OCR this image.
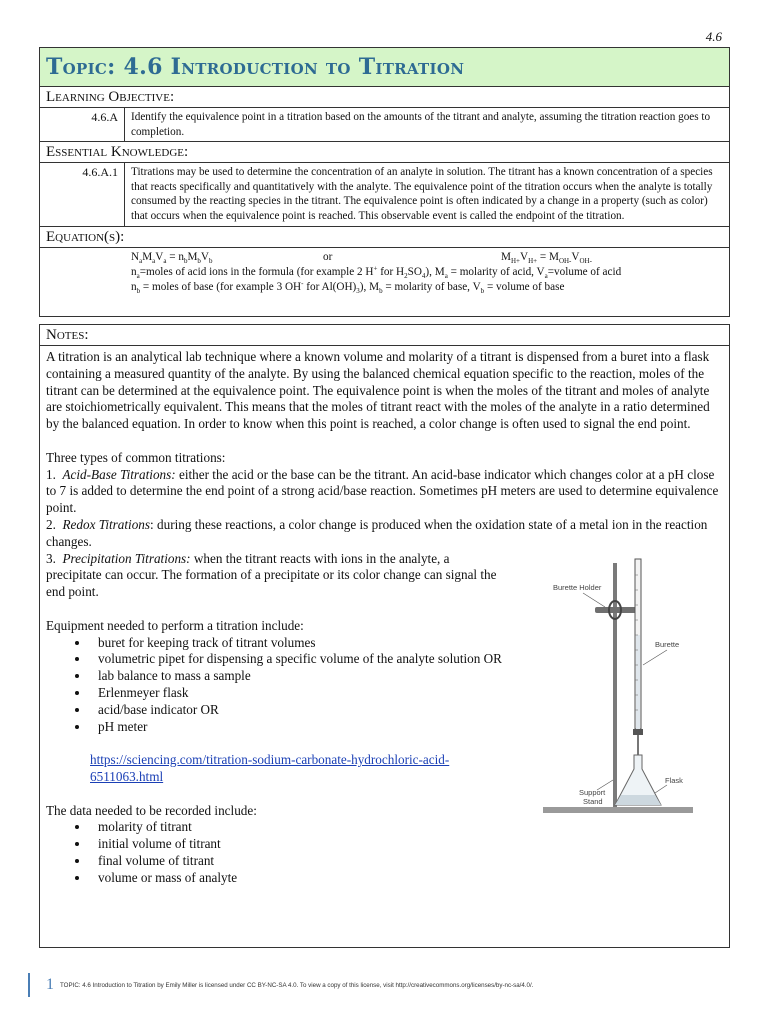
4.6
Topic: 4.6 Introduction to Titration
Learning Objective:
4.6.A	Identify the equivalence point in a titration based on the amounts of the titrant and analyte, assuming the titration reaction goes to completion.
Essential Knowledge:
4.6.A.1	Titrations may be used to determine the concentration of an analyte in solution. The titrant has a known concentration of a species that reacts specifically and quantitatively with the analyte. The equivalence point of the titration occurs when the analyte is totally consumed by the reacting species in the titrant. The equivalence point is often indicated by a change in a property (such as color) that occurs when the equivalence point is reached. This observable event is called the endpoint of the titration.
Equation(s):
$N_aM_aV_a = n_bM_bV_b$	or	$M_{H+}V_{H+} = M_{OH-}V_{OH-}$
$n_a=moles$ of acid ions in the formula (for example 2 H+ for $H_2SO_4$), $M_a$ = molarity of acid, $V_a=volume$ of acid
$n_b$ = moles of base (for example 3 OH- for $Al(OH)_3$), $M_b$ = molarity of base, $V_b$ = volume of base
Notes:

A titration is an analytical lab technique where a known volume and molarity of a titrant is dispensed from a buret into a flask containing a measured quantity of the analyte. By using the balanced chemical equation specific to the reaction, moles of the titrant can be determined at the equivalence point. The equivalence point is when the moles of the titrant and moles of analyte are stoichiometrically equivalent. This means that the moles of titrant react with the moles of the analyte in a ratio determined by the balanced equation. In order to know when this point is reached, a color change is often used to signal the end point.

Three types of common titrations:

1. Acid-Base Titrations: either the acid or the base can be the titrant. An acid-base indicator which changes color at a pH close to 7 is added to determine the end point of a strong acid/base reaction. Sometimes pH meters are used to determine equivalence point.

2. Redox Titrations: during these reactions, a color change is produced when the oxidation state of a metal ion in the reaction changes.

3. Precipitation Titrations: when the titrant reacts with ions in the analyte, a precipitate can occur. The formation of a precipitate or its color change can signal the end point.

Equipment needed to perform a titration include:

• buret for keeping track of titrant volumes
• volumetric pipet for dispensing a specific volume of the analyte solution OR
• lab balance to mass a sample
• Erlenmeyer flask
• acid/base indicator OR
• pH meter
https://sciencing.com/titration-sodium-carbonate-hydrochloric-acid-6511063.html

The data needed to be recorded include:

• molarity of titrant
• initial volume of titrant
• final volume of titrant
• volume or mass of analyte
Burette Holder
Burette
Support
Stand
Flask
1 TOPIC: 4.6 Introduction to Titration by Emily Miller is licensed under CC BY-NC-SA 4.0. To view a copy of this license, visit http://creativecommons.org/licenses/by-nc-sa/4.0/.
